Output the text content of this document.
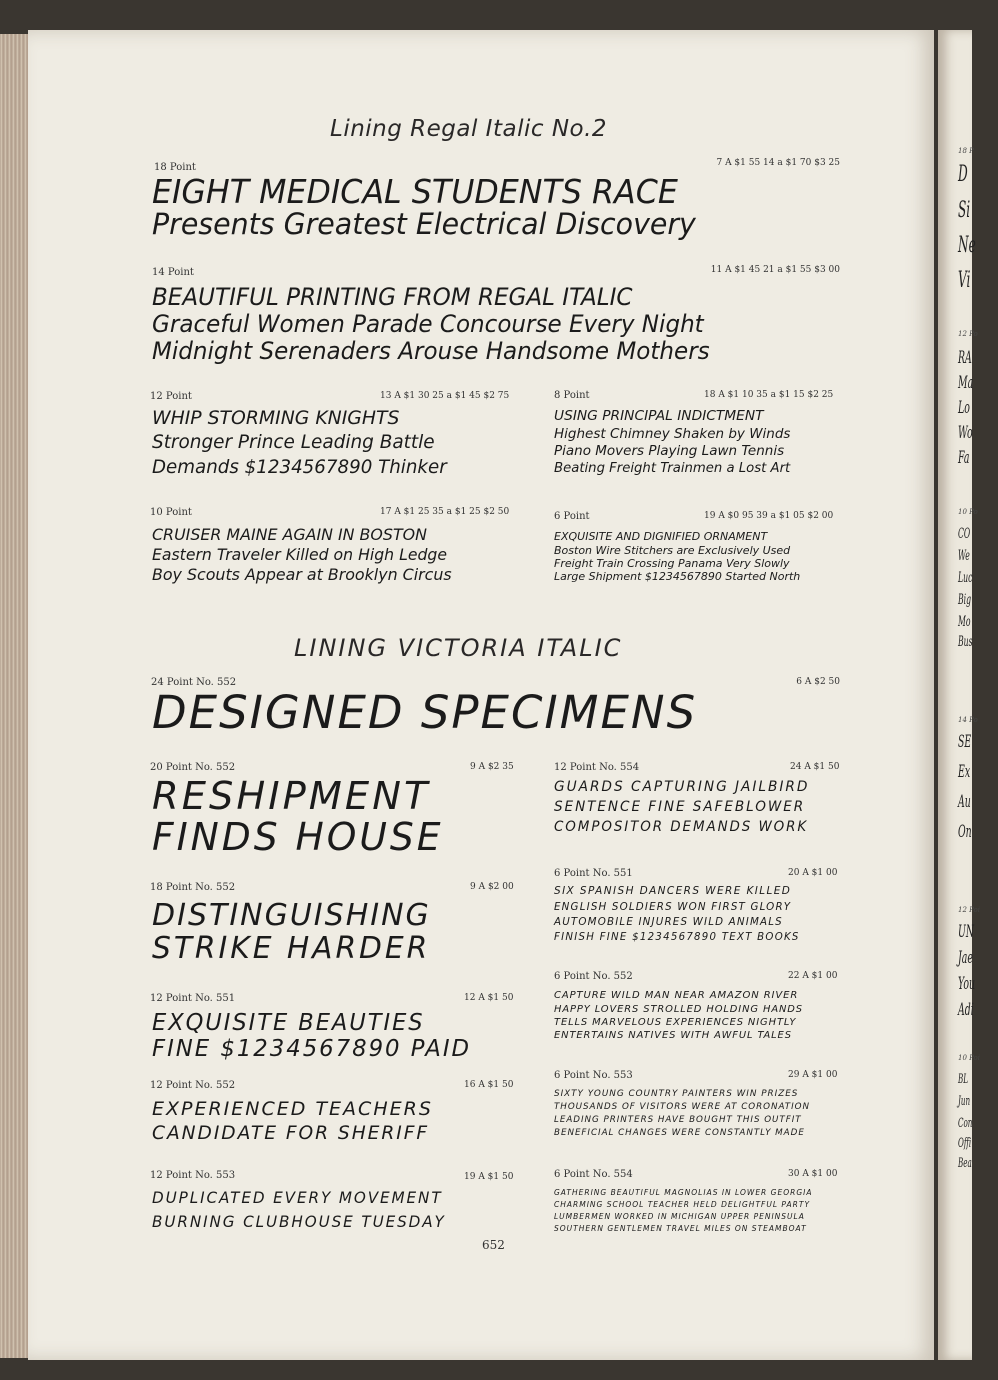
Lining Regal Italic No.2
18 Point	7 A $1 55 14 a $1 70 $3 25
EIGHT MEDICAL STUDENTS RACE
Presents Greatest Electrical Discovery
14 Point	11 A $1 45 21 a $1 55 $3 00
BEAUTIFUL PRINTING FROM REGAL ITALIC
Graceful Women Parade Concourse Every Night
Midnight Serenaders Arouse Handsome Mothers
12 Point	13 A $1 30 25 a $1 45 $2 75
WHIP STORMING KNIGHTS
Stronger Prince Leading Battle
Demands $1234567890 Thinker
8 Point	18 A $1 10 35 a $1 15 $2 25
USING PRINCIPAL INDICTMENT
Highest Chimney Shaken by Winds
Piano Movers Playing Lawn Tennis
Beating Freight Trainmen a Lost Art
10 Point	17 A $1 25 35 a $1 25 $2 50
CRUISER MAINE AGAIN IN BOSTON
Eastern Traveler Killed on High Ledge
Boy Scouts Appear at Brooklyn Circus
6 Point	19 A $0 95 39 a $1 05 $2 00
EXQUISITE AND DIGNIFIED ORNAMENT
Boston Wire Stitchers are Exclusively Used
Freight Train Crossing Panama Very Slowly
Large Shipment $1234567890 Started North
LINING VICTORIA ITALIC
24 Point No. 552	6 A $2 50
DESIGNED SPECIMENS
20 Point No. 552	9 A $2 35
RESHIPMENT
FINDS HOUSE
12 Point No. 554	24 A $1 50
GUARDS CAPTURING JAILBIRD
SENTENCE FINE SAFEBLOWER
COMPOSITOR DEMANDS WORK
18 Point No. 552	9 A $2 00
DISTINGUISHING
STRIKE HARDER
6 Point No. 551	20 A $1 00
SIX SPANISH DANCERS WERE KILLED
ENGLISH SOLDIERS WON FIRST GLORY
AUTOMOBILE INJURES WILD ANIMALS
FINISH FINE $1234567890 TEXT BOOKS
12 Point No. 551	12 A $1 50
EXQUISITE BEAUTIES
FINE $1234567890 PAID
6 Point No. 552	22 A $1 00
CAPTURE WILD MAN NEAR AMAZON RIVER
HAPPY LOVERS STROLLED HOLDING HANDS
TELLS MARVELOUS EXPERIENCES NIGHTLY
ENTERTAINS NATIVES WITH AWFUL TALES
12 Point No. 552	16 A $1 50
EXPERIENCED TEACHERS
CANDIDATE FOR SHERIFF
6 Point No. 553	29 A $1 00
SIXTY YOUNG COUNTRY PAINTERS WIN PRIZES
THOUSANDS OF VISITORS WERE AT CORONATION
LEADING PRINTERS HAVE BOUGHT THIS OUTFIT
BENEFICIAL CHANGES WERE CONSTANTLY MADE
12 Point No. 553	19 A $1 50
DUPLICATED EVERY MOVEMENT
BURNING CLUBHOUSE TUESDAY
6 Point No. 554	30 A $1 00
GATHERING BEAUTIFUL MAGNOLIAS IN LOWER GEORGIA
CHARMING SCHOOL TEACHER HELD DELIGHTFUL PARTY
LUMBERMEN WORKED IN MICHIGAN UPPER PENINSULA
SOUTHERN GENTLEMEN TRAVEL MILES ON STEAMBOAT
652
18 P
D
Si
Ne
Vi
12 Po
RA
Ma
Lo
Wo
Fa
10 Po
CO
We
Luc
Big
Mo
Bus
14 Po
SE
Ex
Au
On
12 Poi
UN
Jae
You
Adi
10 Poi
BL
Jun
Con
Offi
Bea
